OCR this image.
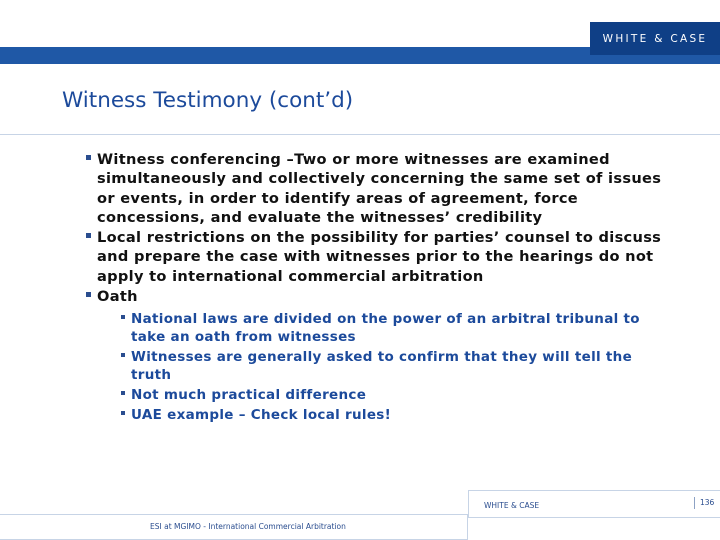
WHITE & CASE
Witness Testimony (cont’d)
Witness conferencing –Two or more witnesses are examined simultaneously and collectively concerning the same set of issues or events, in order to identify areas of agreement, force concessions, and evaluate the witnesses’ credibility
Local restrictions on the possibility for parties’ counsel to discuss and prepare the case with witnesses prior to the hearings do not apply to international commercial arbitration
Oath
National laws are divided on the power of an arbitral tribunal to take an oath from witnesses
Witnesses are generally asked to confirm that they will tell the truth
Not much practical difference
UAE example – Check local rules!
WHITE & CASE	136
ESI at MGIMO - International Commercial Arbitration
